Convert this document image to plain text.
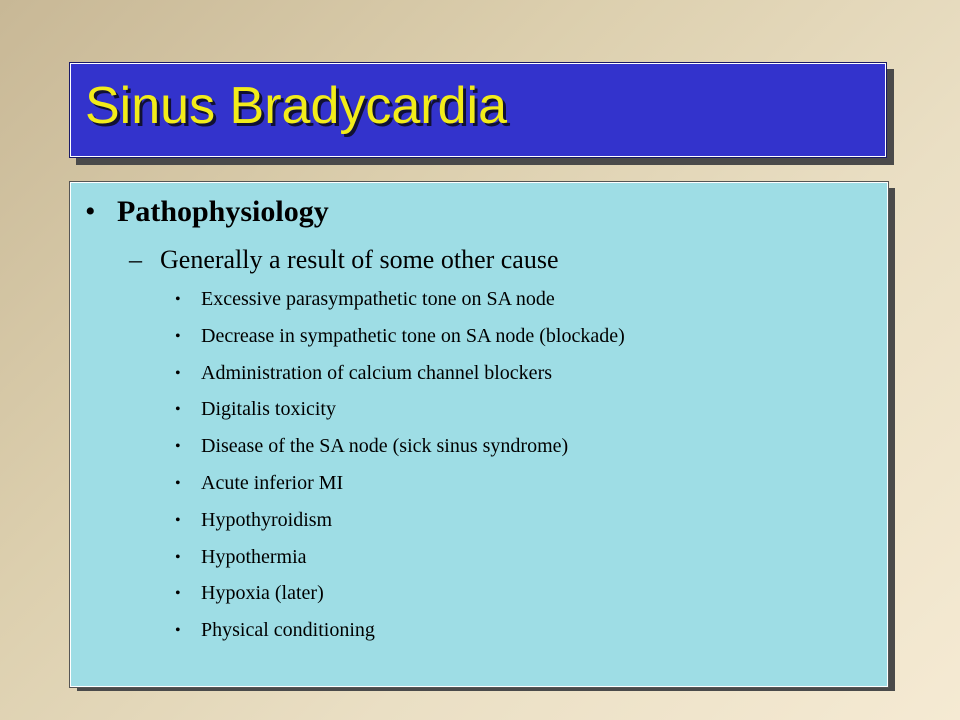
Sinus Bradycardia
• Pathophysiology
– Generally a result of some other cause
• Excessive parasympathetic tone on SA node
• Decrease in sympathetic tone on SA node (blockade)
• Administration of calcium channel blockers
• Digitalis toxicity
• Disease of the SA node (sick sinus syndrome)
• Acute inferior MI
• Hypothyroidism
• Hypothermia
• Hypoxia (later)
• Physical conditioning
